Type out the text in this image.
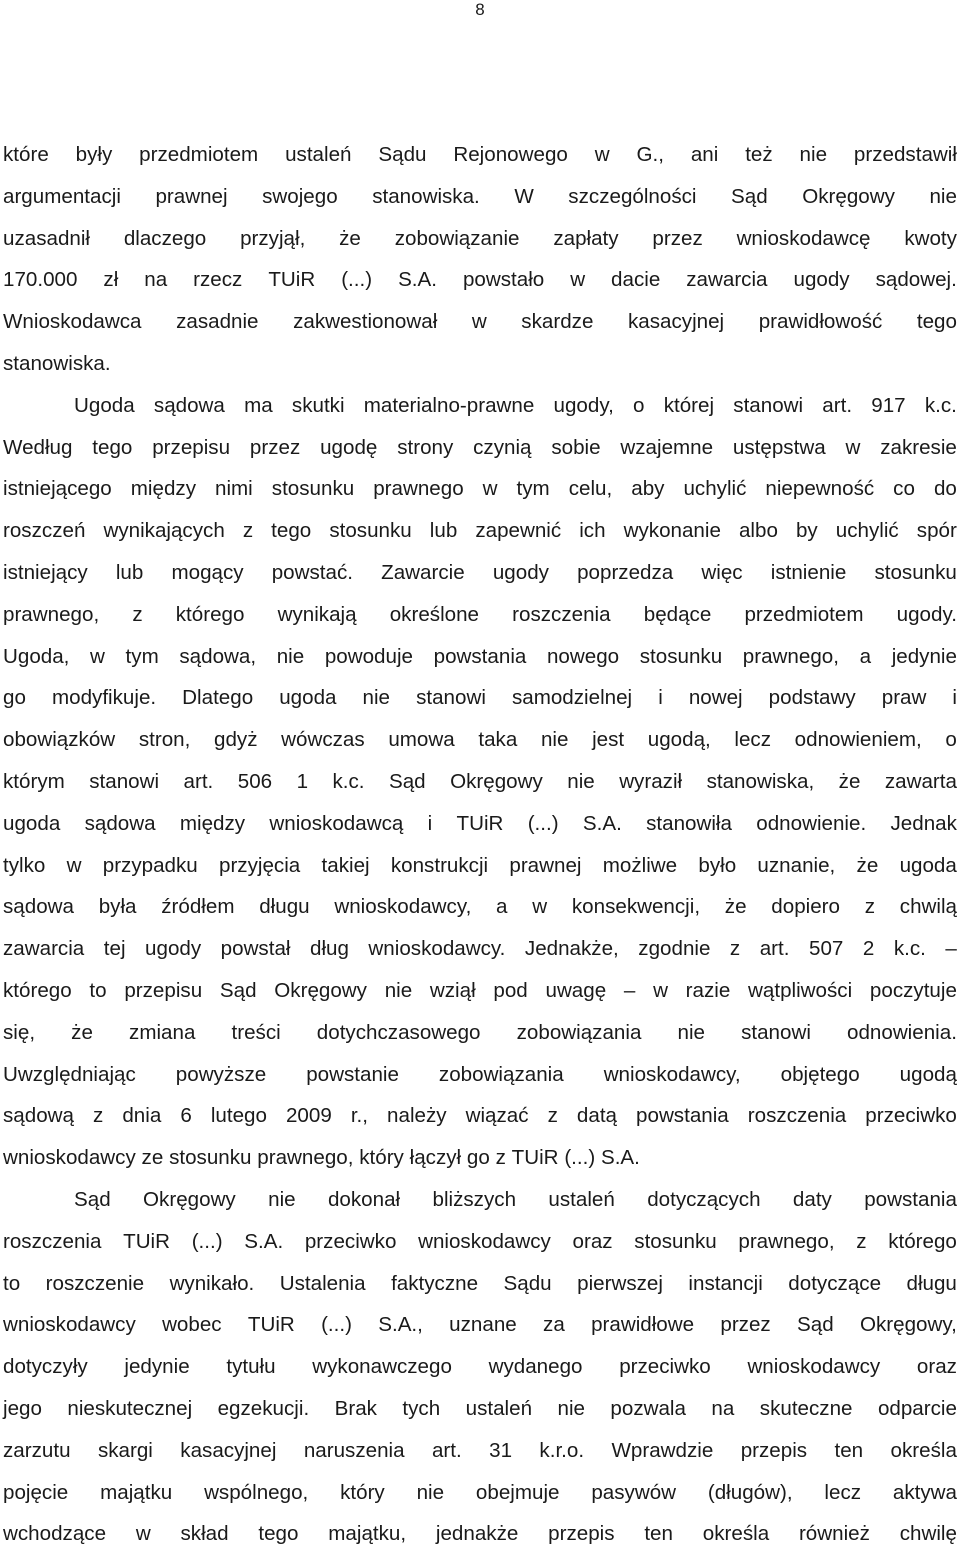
8
które były przedmiotem ustaleń Sądu Rejonowego w G., ani też nie przedstawił
argumentacji prawnej swojego stanowiska. W szczególności Sąd Okręgowy nie
uzasadnił dlaczego przyjął, że zobowiązanie zapłaty przez wnioskodawcę kwoty
170.000 zł na rzecz TUiR (...) S.A. powstało w dacie zawarcia ugody sądowej.
Wnioskodawca zasadnie zakwestionował w skardze kasacyjnej prawidłowość tego
stanowiska.
Ugoda sądowa ma skutki materialno-prawne ugody, o której stanowi art. 917 k.c.
Według tego przepisu przez ugodę strony czynią sobie wzajemne ustępstwa w zakresie
istniejącego między nimi stosunku prawnego w tym celu, aby uchylić niepewność co do
roszczeń wynikających z tego stosunku lub zapewnić ich wykonanie albo by uchylić spór
istniejący lub mogący powstać. Zawarcie ugody poprzedza więc istnienie stosunku
prawnego, z którego wynikają określone roszczenia będące przedmiotem ugody.
Ugoda, w tym sądowa, nie powoduje powstania nowego stosunku prawnego, a jedynie
go modyfikuje. Dlatego ugoda nie stanowi samodzielnej i nowej podstawy praw i
obowiązków stron, gdyż wówczas umowa taka nie jest ugodą, lecz odnowieniem, o
którym stanowi art. 506 1 k.c. Sąd Okręgowy nie wyraził stanowiska, że zawarta
ugoda sądowa między wnioskodawcą i TUiR (...) S.A. stanowiła odnowienie. Jednak
tylko w przypadku przyjęcia takiej konstrukcji prawnej możliwe było uznanie, że ugoda
sądowa była źródłem długu wnioskodawcy, a w konsekwencji, że dopiero z chwilą
zawarcia tej ugody powstał dług wnioskodawcy. Jednakże, zgodnie z art. 507 2 k.c. –
którego to przepisu Sąd Okręgowy nie wziął pod uwagę – w razie wątpliwości poczytuje
się, że zmiana treści dotychczasowego zobowiązania nie stanowi odnowienia.
Uwzględniając powyższe powstanie zobowiązania wnioskodawcy, objętego ugodą
sądową z dnia 6 lutego 2009 r., należy wiązać z datą powstania roszczenia przeciwko
wnioskodawcy ze stosunku prawnego, który łączył go z TUiR (...) S.A.
Sąd Okręgowy nie dokonał bliższych ustaleń dotyczących daty powstania
roszczenia TUiR (...) S.A. przeciwko wnioskodawcy oraz stosunku prawnego, z którego
to roszczenie wynikało. Ustalenia faktyczne Sądu pierwszej instancji dotyczące długu
wnioskodawcy wobec TUiR (...) S.A., uznane za prawidłowe przez Sąd Okręgowy,
dotyczyły jedynie tytułu wykonawczego wydanego przeciwko wnioskodawcy oraz
jego nieskutecznej egzekucji. Brak tych ustaleń nie pozwala na skuteczne odparcie
zarzutu skargi kasacyjnej naruszenia art. 31 k.r.o. Wprawdzie przepis ten określa
pojęcie majątku wspólnego, który nie obejmuje pasywów (długów), lecz aktywa
wchodzące w skład tego majątku, jednakże przepis ten określa również chwilę
